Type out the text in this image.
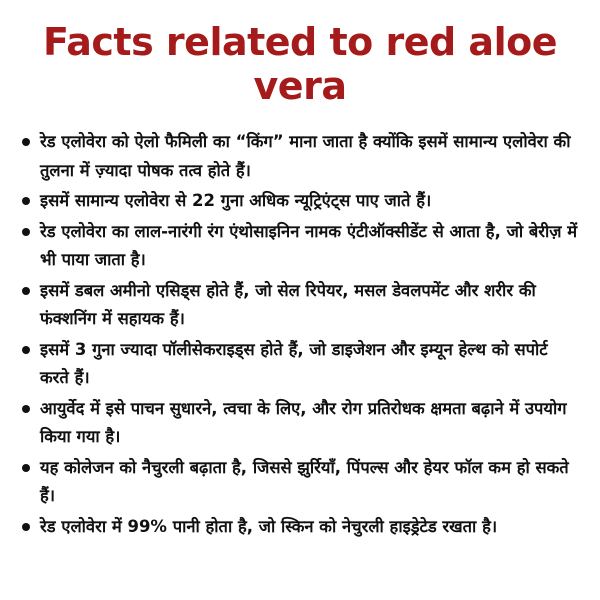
Facts related to red aloe vera
रेड एलोवेरा को ऐलो फैमिली का “किंग” माना जाता है क्योंकि इसमें सामान्य एलोवेरा की तुलना में ज़्यादा पोषक तत्व होते हैं।
इसमें सामान्य एलोवेरा से 22 गुना अधिक न्यूट्रिएंट्स पाए जाते हैं।
रेड एलोवेरा का लाल-नारंगी रंग एंथोसाइनिन नामक एंटीऑक्सीडेंट से आता है, जो बेरीज़ में भी पाया जाता है।
इसमें डबल अमीनो एसिड्स होते हैं, जो सेल रिपेयर, मसल डेवलपमेंट और शरीर की फंक्शनिंग में सहायक हैं।
इसमें 3 गुना ज्यादा पॉलीसेकराइड्स होते हैं, जो डाइजेशन और इम्यून हेल्थ को सपोर्ट करते हैं।
आयुर्वेद में इसे पाचन सुधारने, त्वचा के लिए, और रोग प्रतिरोधक क्षमता बढ़ाने में उपयोग किया गया है।
यह कोलेजन को नैचुरली बढ़ाता है, जिससे झुर्रियाँ, पिंपल्स और हेयर फॉल कम हो सकते हैं।
रेड एलोवेरा में 99% पानी होता है, जो स्किन को नेचुरली हाइड्रेटेड रखता है।
